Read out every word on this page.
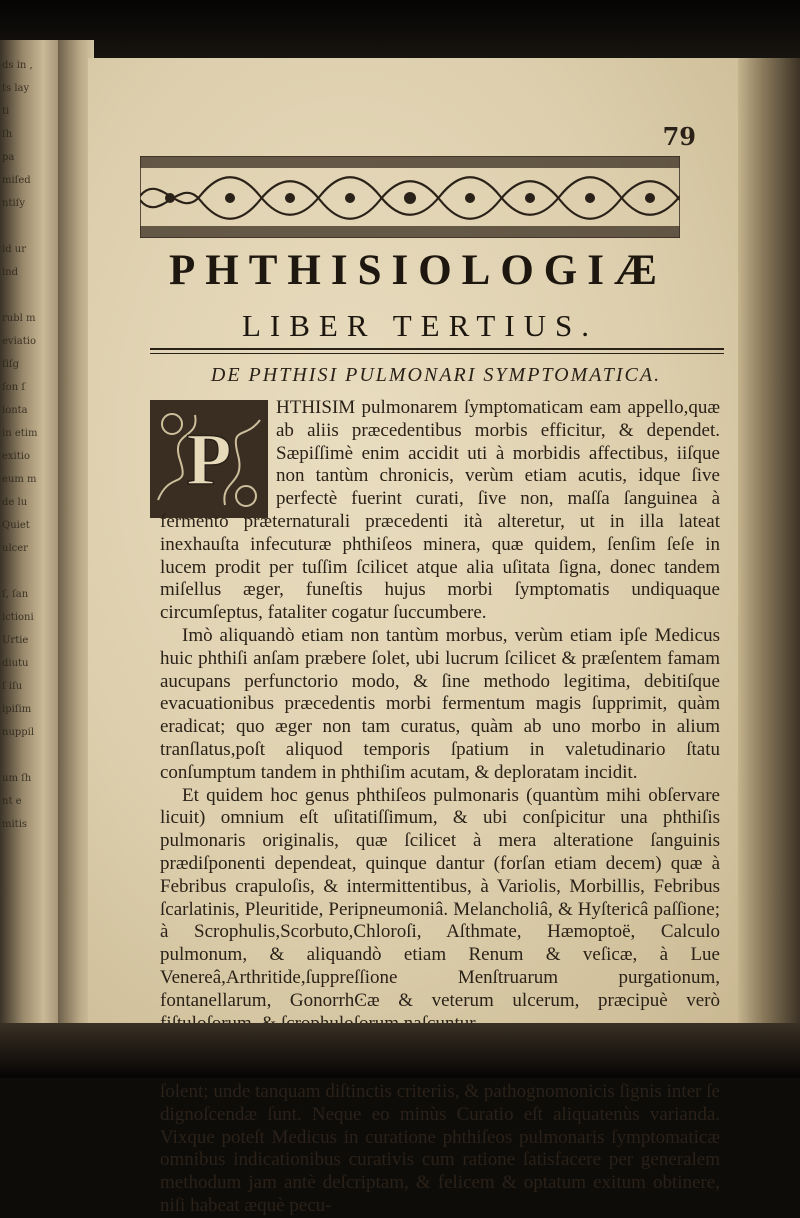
ds in ,
ts lay
ti
ſh
pa
miſed
ntiſy
id ur
ind
rubl m
eviatio
ſiſg
ſon ſ
ionta
in etim
exitio
eum m
de lu
Quiet
ulcer
ſ, ſan
ictioni
Urtie
diutu
ſ iſu
ipiſim
nuppil
um ſh
nt e
mitis
79
PHTHISIOLOGIÆ
LIBER TERTIUS.
DE PHTHISI PULMONARI SYMPTOMATICA.
P

HTHISIM pulmonarem ſymptomaticam eam appello,quæ ab aliis præcedentibus morbis efficitur, & dependet. Sæpiſſimè enim accidit uti à morbidis affectibus, iiſque non tantùm chronicis, verùm etiam acutis, idque ſive perfectè fuerint curati, ſive non, maſſa ſanguinea à fermento præternaturali præcedenti ità alteretur, ut in illa lateat inexhauſta infecuturæ phthiſeos minera, quæ quidem, ſenſim ſeſe in lucem prodit per tuſſim ſcilicet atque alia uſitata ſigna, donec tandem miſellus æger, funeſtis hujus morbi ſymptomatis undiquaque circumſeptus, fataliter cogatur ſuccumbere.

Imò aliquandò etiam non tantùm morbus, verùm etiam ipſe Medicus huic phthiſi anſam præbere ſolet, ubi lucrum ſcilicet & præſentem famam aucupans perfunctorio modo, & ſine methodo legitima, debitiſque evacuationibus præcedentis morbi fermentum magis ſupprimit, quàm eradicat; quo æger non tam curatus, quàm ab uno morbo in alium tranſlatus,poſt aliquod temporis ſpatium in valetudinario ſtatu conſumptum tandem in phthiſim acutam, & deploratam incidit.

Et quidem hoc genus phthiſeos pulmonaris (quantùm mihi obſervare licuit) omnium eſt uſitatiſſimum, & ubi conſpicitur una phthiſis pulmonaris originalis, quæ ſcilicet à mera alteratione ſanguinis prædiſponenti dependeat, quinque dantur (forſan etiam decem) quæ à Febribus crapuloſis, & intermittentibus, à Variolis, Morbillis, Febribus ſcarlatinis, Pleuritide, Peripneumoniâ. Melancholiâ, & Hyſtericâ paſſione; à Scrophulis,Scorbuto,Chloroſi, Aſthmate, Hæmoptoë, Calculo pulmonum, & aliquandò etiam Renum & veſicæ, à Lue Venereâ,Arthritide,ſuppreſſione Menſtruarum purgationum, fontanellarum, GonorrhϾæ & veterum ulcerum, præcipuè verò

ſolent; unde tanquam diſtinctis criteriis, & pathognomonicis ſignis inter ſe dignoſcendæ ſunt. Neque eo minùs Curatio eſt aliquatenùs varianda. Vixque poteſt Medicus in curatione phthiſeos pulmonaris ſymptomaticæ omnibus indicationibus curativis cum ratione ſatisfacere per generalem methodum jam antè deſcriptam, & felicem & optatum exitum obtinere, niſi habeat æquè pecu-
